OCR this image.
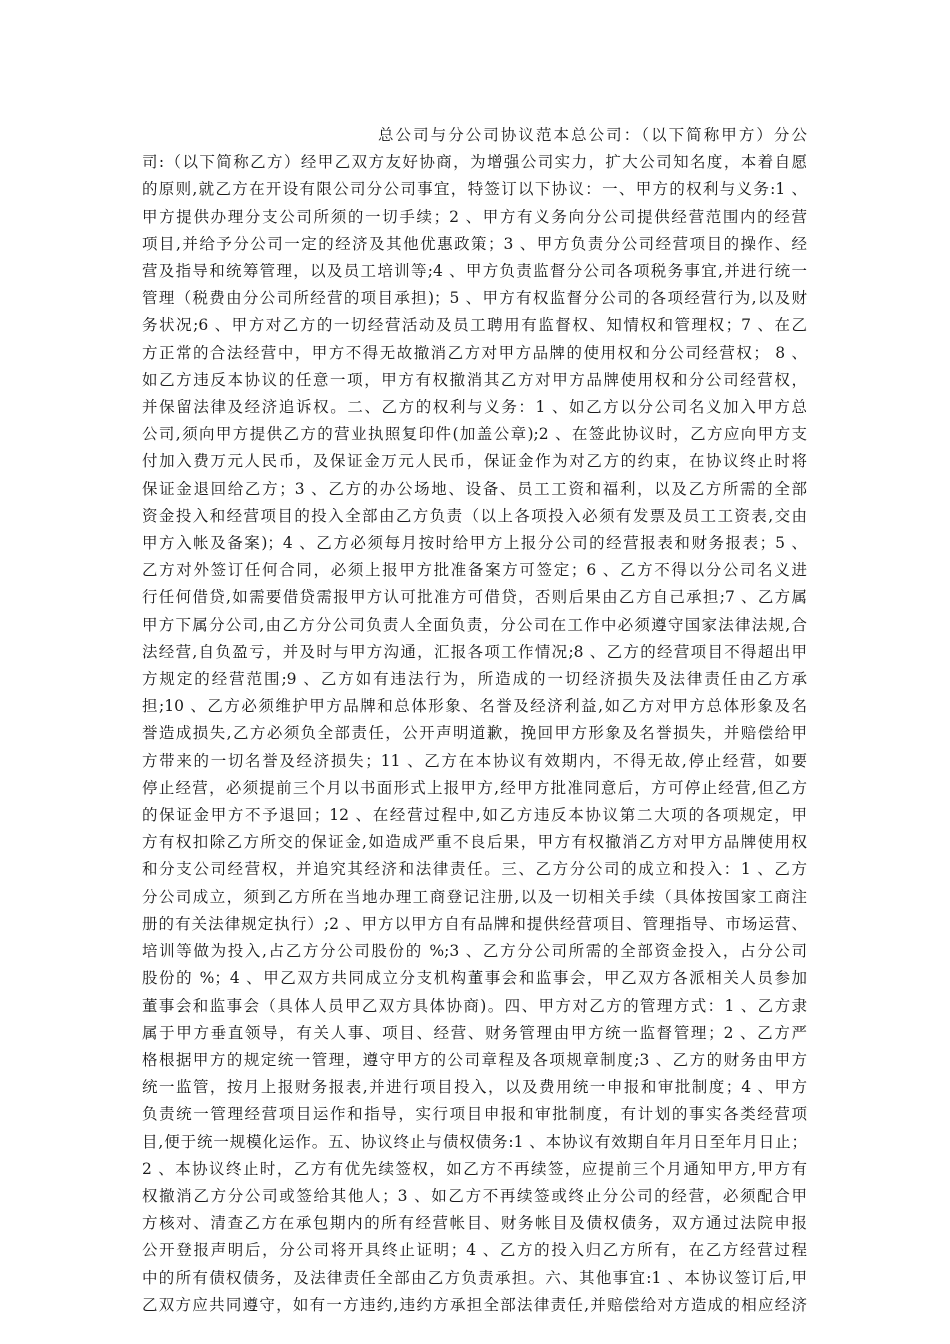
总公司与分公司协议范本总公司：（以下简称甲方）分公
司:（以下简称乙方）经甲乙双方友好协商，为增强公司实力，扩大公司知名度，本着自愿
的原则,就乙方在开设有限公司分公司事宜，特签订以下协议：一、甲方的权利与义务:1 、
甲方提供办理分支公司所须的一切手续；2 、甲方有义务向分公司提供经营范围内的经营
项目,并给予分公司一定的经济及其他优惠政策；3 、甲方负责分公司经营项目的操作、经
营及指导和统筹管理，以及员工培训等;4 、甲方负责监督分公司各项税务事宜,并进行统一
管理（税费由分公司所经营的项目承担)；5 、甲方有权监督分公司的各项经营行为,以及财
务状况;6 、甲方对乙方的一切经营活动及员工聘用有监督权、知情权和管理权；7 、在乙
方正常的合法经营中，甲方不得无故撤消乙方对甲方品牌的使用权和分公司经营权； 8 、
如乙方违反本协议的任意一项，甲方有权撤消其乙方对甲方品牌使用权和分公司经营权，
并保留法律及经济追诉权。二、乙方的权利与义务：1 、如乙方以分公司名义加入甲方总
公司,须向甲方提供乙方的营业执照复印件(加盖公章);2 、在签此协议时，乙方应向甲方支
付加入费万元人民币，及保证金万元人民币，保证金作为对乙方的约束，在协议终止时将
保证金退回给乙方；3 、乙方的办公场地、设备、员工工资和福利，以及乙方所需的全部
资金投入和经营项目的投入全部由乙方负责（以上各项投入必须有发票及员工工资表,交由
甲方入帐及备案)；4 、乙方必须每月按时给甲方上报分公司的经营报表和财务报表；5 、
乙方对外签订任何合同，必须上报甲方批准备案方可签定；6 、乙方不得以分公司名义进
行任何借贷,如需要借贷需报甲方认可批准方可借贷，否则后果由乙方自己承担;7 、乙方属
甲方下属分公司,由乙方分公司负责人全面负责，分公司在工作中必须遵守国家法律法规,合
法经营,自负盈亏，并及时与甲方沟通，汇报各项工作情况;8 、乙方的经营项目不得超出甲
方规定的经营范围;9 、乙方如有违法行为，所造成的一切经济损失及法律责任由乙方承
担;10 、乙方必须维护甲方品牌和总体形象、名誉及经济利益,如乙方对甲方总体形象及名
誉造成损失,乙方必须负全部责任，公开声明道歉，挽回甲方形象及名誉损失，并赔偿给甲
方带来的一切名誉及经济损失；11 、乙方在本协议有效期内，不得无故,停止经营，如要
停止经营，必须提前三个月以书面形式上报甲方,经甲方批准同意后，方可停止经营,但乙方
的保证金甲方不予退回；12 、在经营过程中,如乙方违反本协议第二大项的各项规定，甲
方有权扣除乙方所交的保证金,如造成严重不良后果，甲方有权撤消乙方对甲方品牌使用权
和分支公司经营权，并追究其经济和法律责任。三、乙方分公司的成立和投入：1 、乙方
分公司成立，须到乙方所在当地办理工商登记注册,以及一切相关手续（具体按国家工商注
册的有关法律规定执行）;2 、甲方以甲方自有品牌和提供经营项目、管理指导、市场运营、
培训等做为投入,占乙方分公司股份的 %;3 、乙方分公司所需的全部资金投入，占分公司
股份的 %；4 、甲乙双方共同成立分支机构董事会和监事会，甲乙双方各派相关人员参加
董事会和监事会（具体人员甲乙双方具体协商)。四、甲方对乙方的管理方式：1 、乙方隶
属于甲方垂直领导，有关人事、项目、经营、财务管理由甲方统一监督管理；2 、乙方严
格根据甲方的规定统一管理，遵守甲方的公司章程及各项规章制度;3 、乙方的财务由甲方
统一监管，按月上报财务报表,并进行项目投入，以及费用统一申报和审批制度；4 、甲方
负责统一管理经营项目运作和指导，实行项目申报和审批制度，有计划的事实各类经营项
目,便于统一规模化运作。五、协议终止与债权债务:1 、本协议有效期自年月日至年月日止；
2 、本协议终止时，乙方有优先续签权，如乙方不再续签，应提前三个月通知甲方,甲方有
权撤消乙方分公司或签给其他人；3 、如乙方不再续签或终止分公司的经营，必须配合甲
方核对、清查乙方在承包期内的所有经营帐目、财务帐目及债权债务，双方通过法院申报
公开登报声明后，分公司将开具终止证明；4 、乙方的投入归乙方所有，在乙方经营过程
中的所有债权债务，及法律责任全部由乙方负责承担。六、其他事宜:1 、本协议签订后,甲
乙双方应共同遵守，如有一方违约,违约方承担全部法律责任,并赔偿给对方造成的相应经济
